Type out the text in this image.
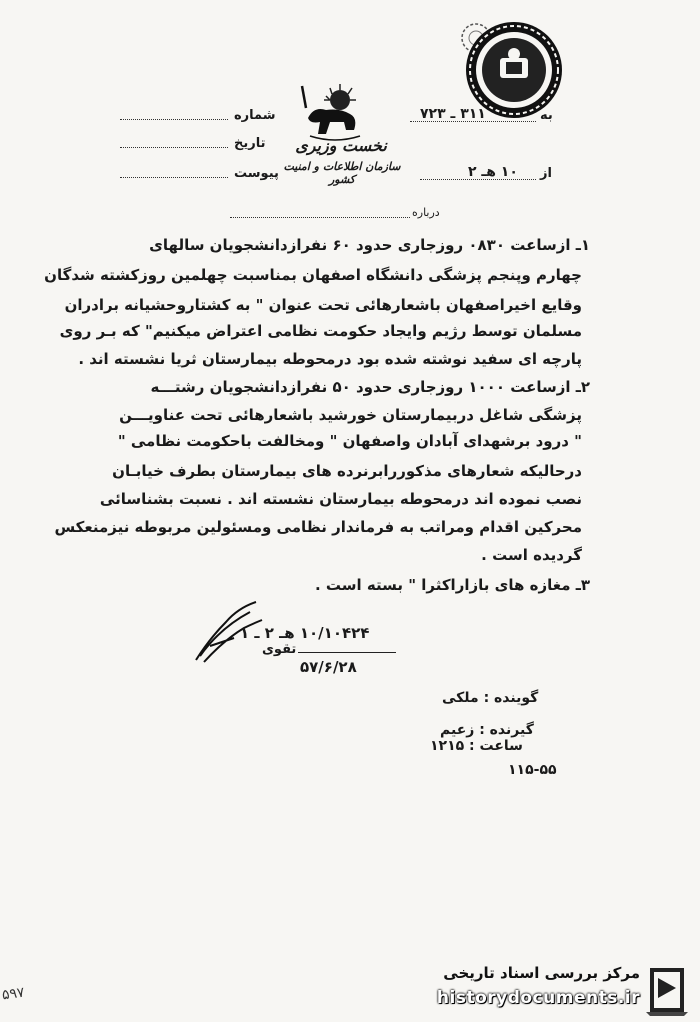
شماره
تاریخ
پیوست
نخست وزیری
سازمان اطلاعات و امنیت کشور
به
۳۱۱ ـ ۷۲۳
از
۱۰ هـ ۲
درباره
۱ـ ازساعت ۰۸۳۰ روزجاری حدود ۶۰ نفرازدانشجویان سالهای
چهارم وپنجم پزشگی دانشگاه اصفهان بمناسبت چهلمین روزکشته شدگان
وقایع اخیراصفهان باشعارهائی تحت عنوان " به کشتاروحشیانه برادران
مسلمان توسط رژیم وایجاد حکومت نظامی اعتراض میکنیم" که بـر روی
پارچه ای سفید نوشته شده بود درمحوطه بیمارستان ثریا نشسته اند .
۲ـ ازساعت ۱۰۰۰ روزجاری حدود ۵۰ نفرازدانشجویان رشتـــه
پزشگی شاغل دربیمارستان خورشید باشعارهائی تحت عناویـــن
" درود برشهدای آبادان واصفهان " ومخالفت باحکومت نظامی "
درحالیکه شعارهای مذکوررابرنرده های بیمارستان بطرف خیابـان
نصب نموده اند درمحوطه بیمارستان نشسته اند . نسبت بشناسائی
محرکین اقدام ومراتب به فرماندار نظامی ومسئولین مربوطه نیزمنعکس
گردیده است .
۳ـ مغازه های بازاراکثرا " بسته است .
۱۰/۱۰۴۲۴ هـ ۲ ـ ۱
تقوی
۵۷/۶/۲۸
گوینده : ملکی
گیرنده : زعیم
ساعت : ۱۲۱۵
۱۱۵-۵۵
۵۹۷
مرکز بررسی اسناد تاریخی
historydocuments.ir
